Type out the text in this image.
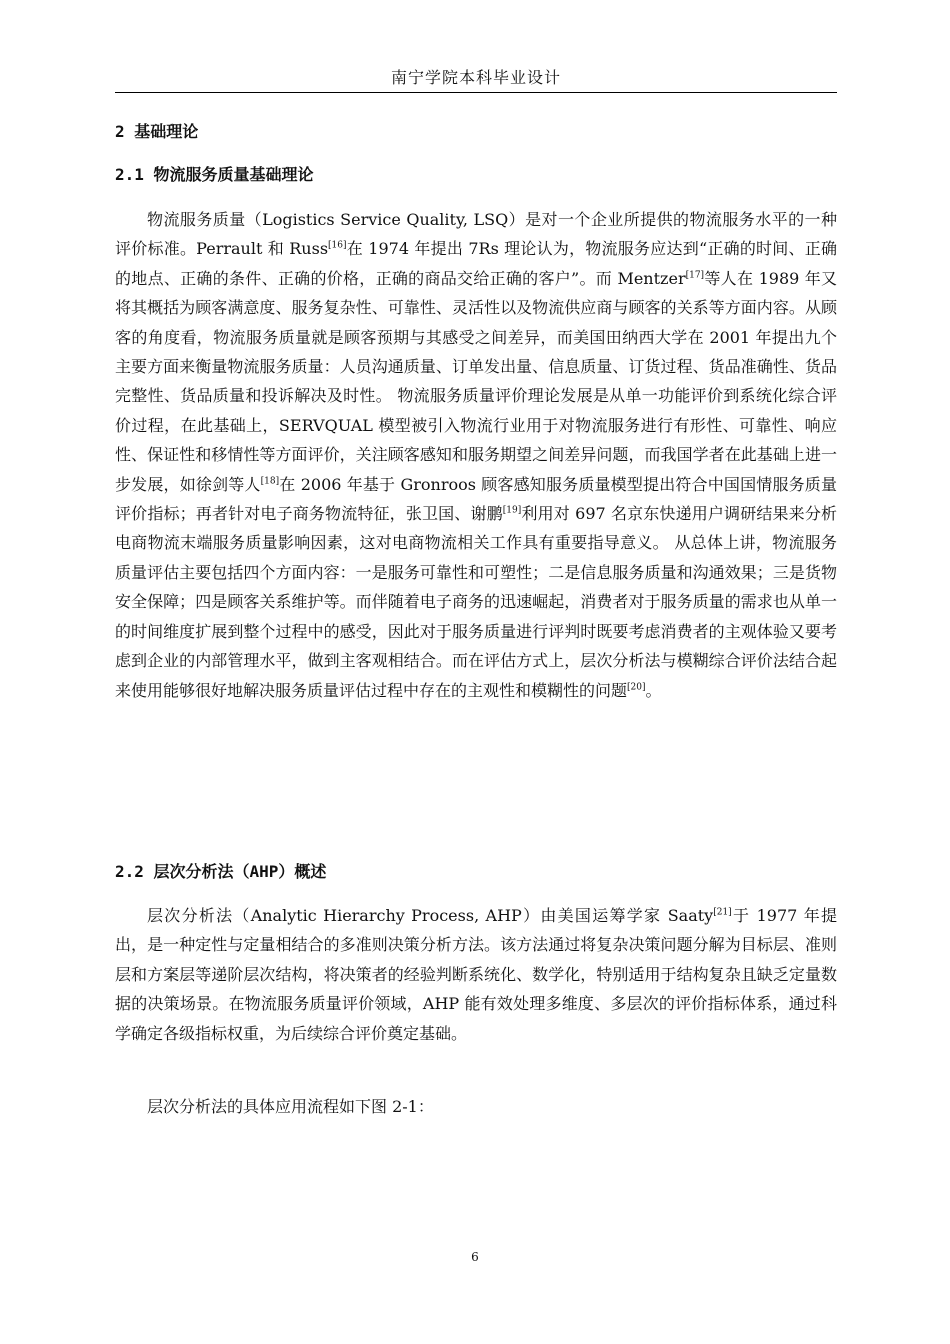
南宁学院本科毕业设计
2 基础理论
2.1 物流服务质量基础理论

物流服务质量（Logistics Service Quality, LSQ）是对一个企业所提供的物流服务水平的一种评价标准。Perrault 和 Russ[16]在 1974 年提出 7Rs 理论认为，物流服务应达到“正确的时间、正确的地点、正确的条件、正确的价格，正确的商品交给正确的客户”。而 Mentzer[17]等人在 1989 年又将其概括为顾客满意度、服务复杂性、可靠性、灵活性以及物流供应商与顾客的关系等方面内容。从顾客的角度看，物流服务质量就是顾客预期与其感受之间差异，而美国田纳西大学在 2001 年提出九个主要方面来衡量物流服务质量：人员沟通质量、订单发出量、信息质量、订货过程、货品准确性、货品完整性、货品质量和投诉解决及时性。 物流服务质量评价理论发展是从单一功能评价到系统化综合评价过程，在此基础上，SERVQUAL 模型被引入物流行业用于对物流服务进行有形性、可靠性、响应性、保证性和移情性等方面评价，关注顾客感知和服务期望之间差异问题，而我国学者在此基础上进一步发展，如徐剑等人[18]在 2006 年基于 Gronroos 顾客感知服务质量模型提出符合中国国情服务质量评价指标；再者针对电子商务物流特征，张卫国、谢鹏[19]利用对 697 名京东快递用户调研结果来分析电商物流末端服务质量影响因素，这对电商物流相关工作具有重要指导意义。 从总体上讲，物流服务质量评估主要包括四个方面内容：一是服务可靠性和可塑性；二是信息服务质量和沟通效果；三是货物安全保障；四是顾客关系维护等。而伴随着电子商务的迅速崛起，消费者对于服务质量的需求也从单一的时间维度扩展到整个过程中的感受，因此对于服务质量进行评判时既要考虑消费者的主观体验又要考虑到企业的内部管理水平，做到主客观相结合。而在评估方式上，层次分析法与模糊综合评价法结合起来使用能够很好地解决服务质量评估过程中存在的主观性和模糊性的问题[20]。

2.2 层次分析法（AHP）概述

层次分析法（Analytic Hierarchy Process, AHP）由美国运筹学家 Saaty[21]于 1977 年提出，是一种定性与定量相结合的多准则决策分析方法。该方法通过将复杂决策问题分解为目标层、准则层和方案层等递阶层次结构，将决策者的经验判断系统化、数学化，特别适用于结构复杂且缺乏定量数据的决策场景。在物流服务质量评价领域，AHP 能有效处理多维度、多层次的评价指标体系，通过科学确定各级指标权重，为后续综合评价奠定基础。

层次分析法的具体应用流程如下图 2-1：

6
